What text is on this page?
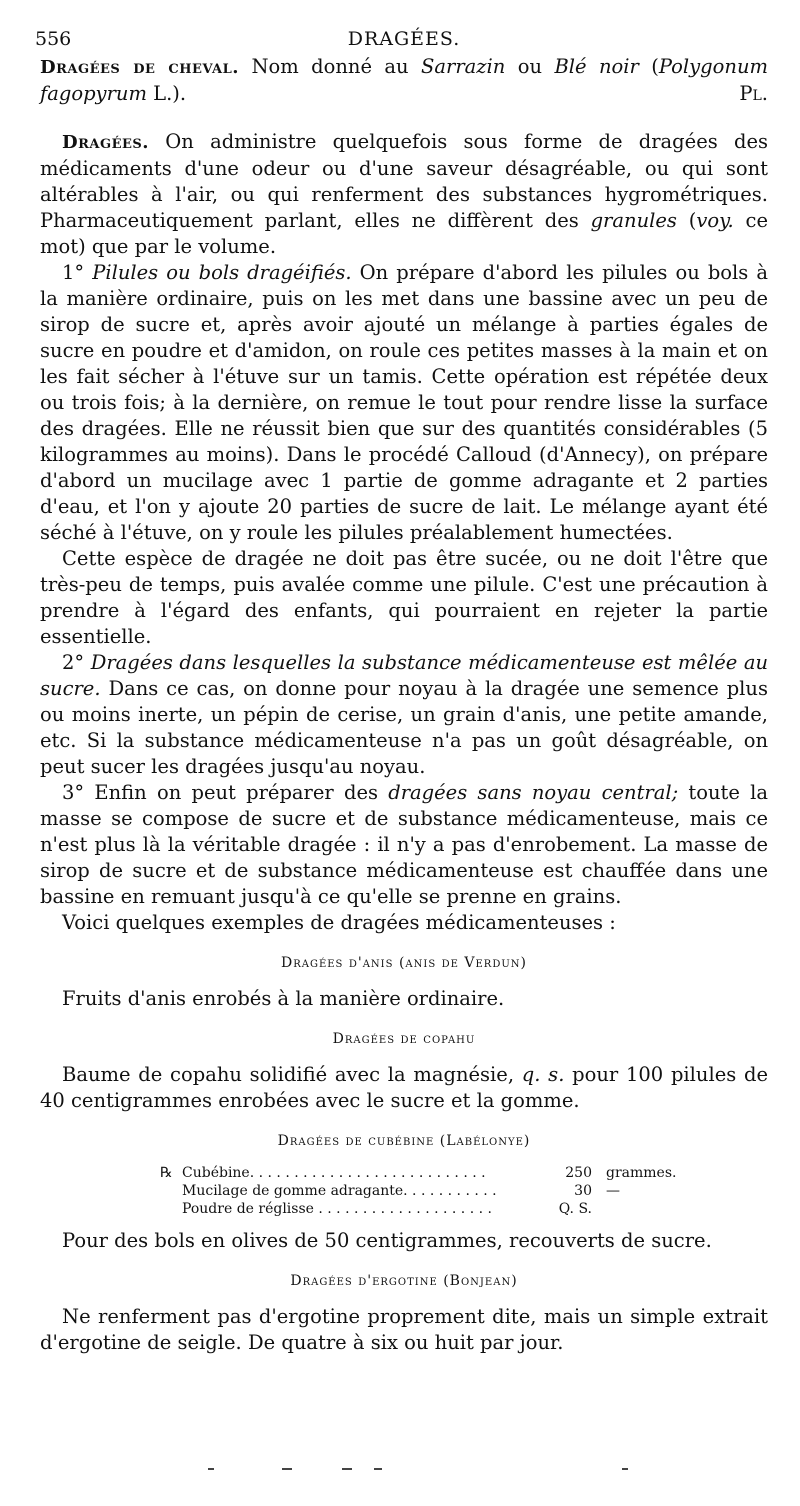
556	DRAGÉES.

Dragées de cheval. Nom donné au Sarrazin ou Blé noir (Polygonum fagopyrum L.).	Pl.

Dragées. On administre quelquefois sous forme de dragées des médicaments d'une odeur ou d'une saveur désagréable, ou qui sont altérables à l'air, ou qui renferment des substances hygrométriques. Pharmaceutiquement parlant, elles ne diffèrent des granules (voy. ce mot) que par le volume.

1° Pilules ou bols dragéifiés. On prépare d'abord les pilules ou bols à la manière ordinaire, puis on les met dans une bassine avec un peu de sirop de sucre et, après avoir ajouté un mélange à parties égales de sucre en poudre et d'amidon, on roule ces petites masses à la main et on les fait sécher à l'étuve sur un tamis. Cette opération est répétée deux ou trois fois; à la dernière, on remue le tout pour rendre lisse la surface des dragées. Elle ne réussit bien que sur des quantités considérables (5 kilogrammes au moins). Dans le procédé Calloud (d'Annecy), on prépare d'abord un mucilage avec 1 partie de gomme adragante et 2 parties d'eau, et l'on y ajoute 20 parties de sucre de lait. Le mélange ayant été séché à l'étuve, on y roule les pilules préalablement humectées.

Cette espèce de dragée ne doit pas être sucée, ou ne doit l'être que très-peu de temps, puis avalée comme une pilule. C'est une précaution à prendre à l'égard des enfants, qui pourraient en rejeter la partie essentielle.

2° Dragées dans lesquelles la substance médicamenteuse est mêlée au sucre. Dans ce cas, on donne pour noyau à la dragée une semence plus ou moins inerte, un pépin de cerise, un grain d'anis, une petite amande, etc. Si la substance médicamenteuse n'a pas un goût désagréable, on peut sucer les dragées jusqu'au noyau.

3° Enfin on peut préparer des dragées sans noyau central; toute la masse se compose de sucre et de substance médicamenteuse, mais ce n'est plus là la véritable dragée : il n'y a pas d'enrobement. La masse de sirop de sucre et de substance médicamenteuse est chauffée dans une bassine en remuant jusqu'à ce qu'elle se prenne en grains.

Voici quelques exemples de dragées médicamenteuses :

Dragées d'anis (anis de Verdun)

Fruits d'anis enrobés à la manière ordinaire.

Dragées de copahu

Baume de copahu solidifié avec la magnésie, q. s. pour 100 pilules de 40 centigrammes enrobées avec le sucre et la gomme.

Dragées de cubébine (Labélonye)
℞ Cubébine. . . . . . . . . . . . . . . . . . . . . . . . . . .	250	grammes.
Mucilage de gomme adragante. . . . . . . . . . .	30	—
Poudre de réglisse . . . . . . . . . . . . . . . . . . . .	Q. S.

Pour des bols en olives de 50 centigrammes, recouverts de sucre.

Dragées d'ergotine (Bonjean)

Ne renferment pas d'ergotine proprement dite, mais un simple extrait d'ergotine de seigle. De quatre à six ou huit par jour.
